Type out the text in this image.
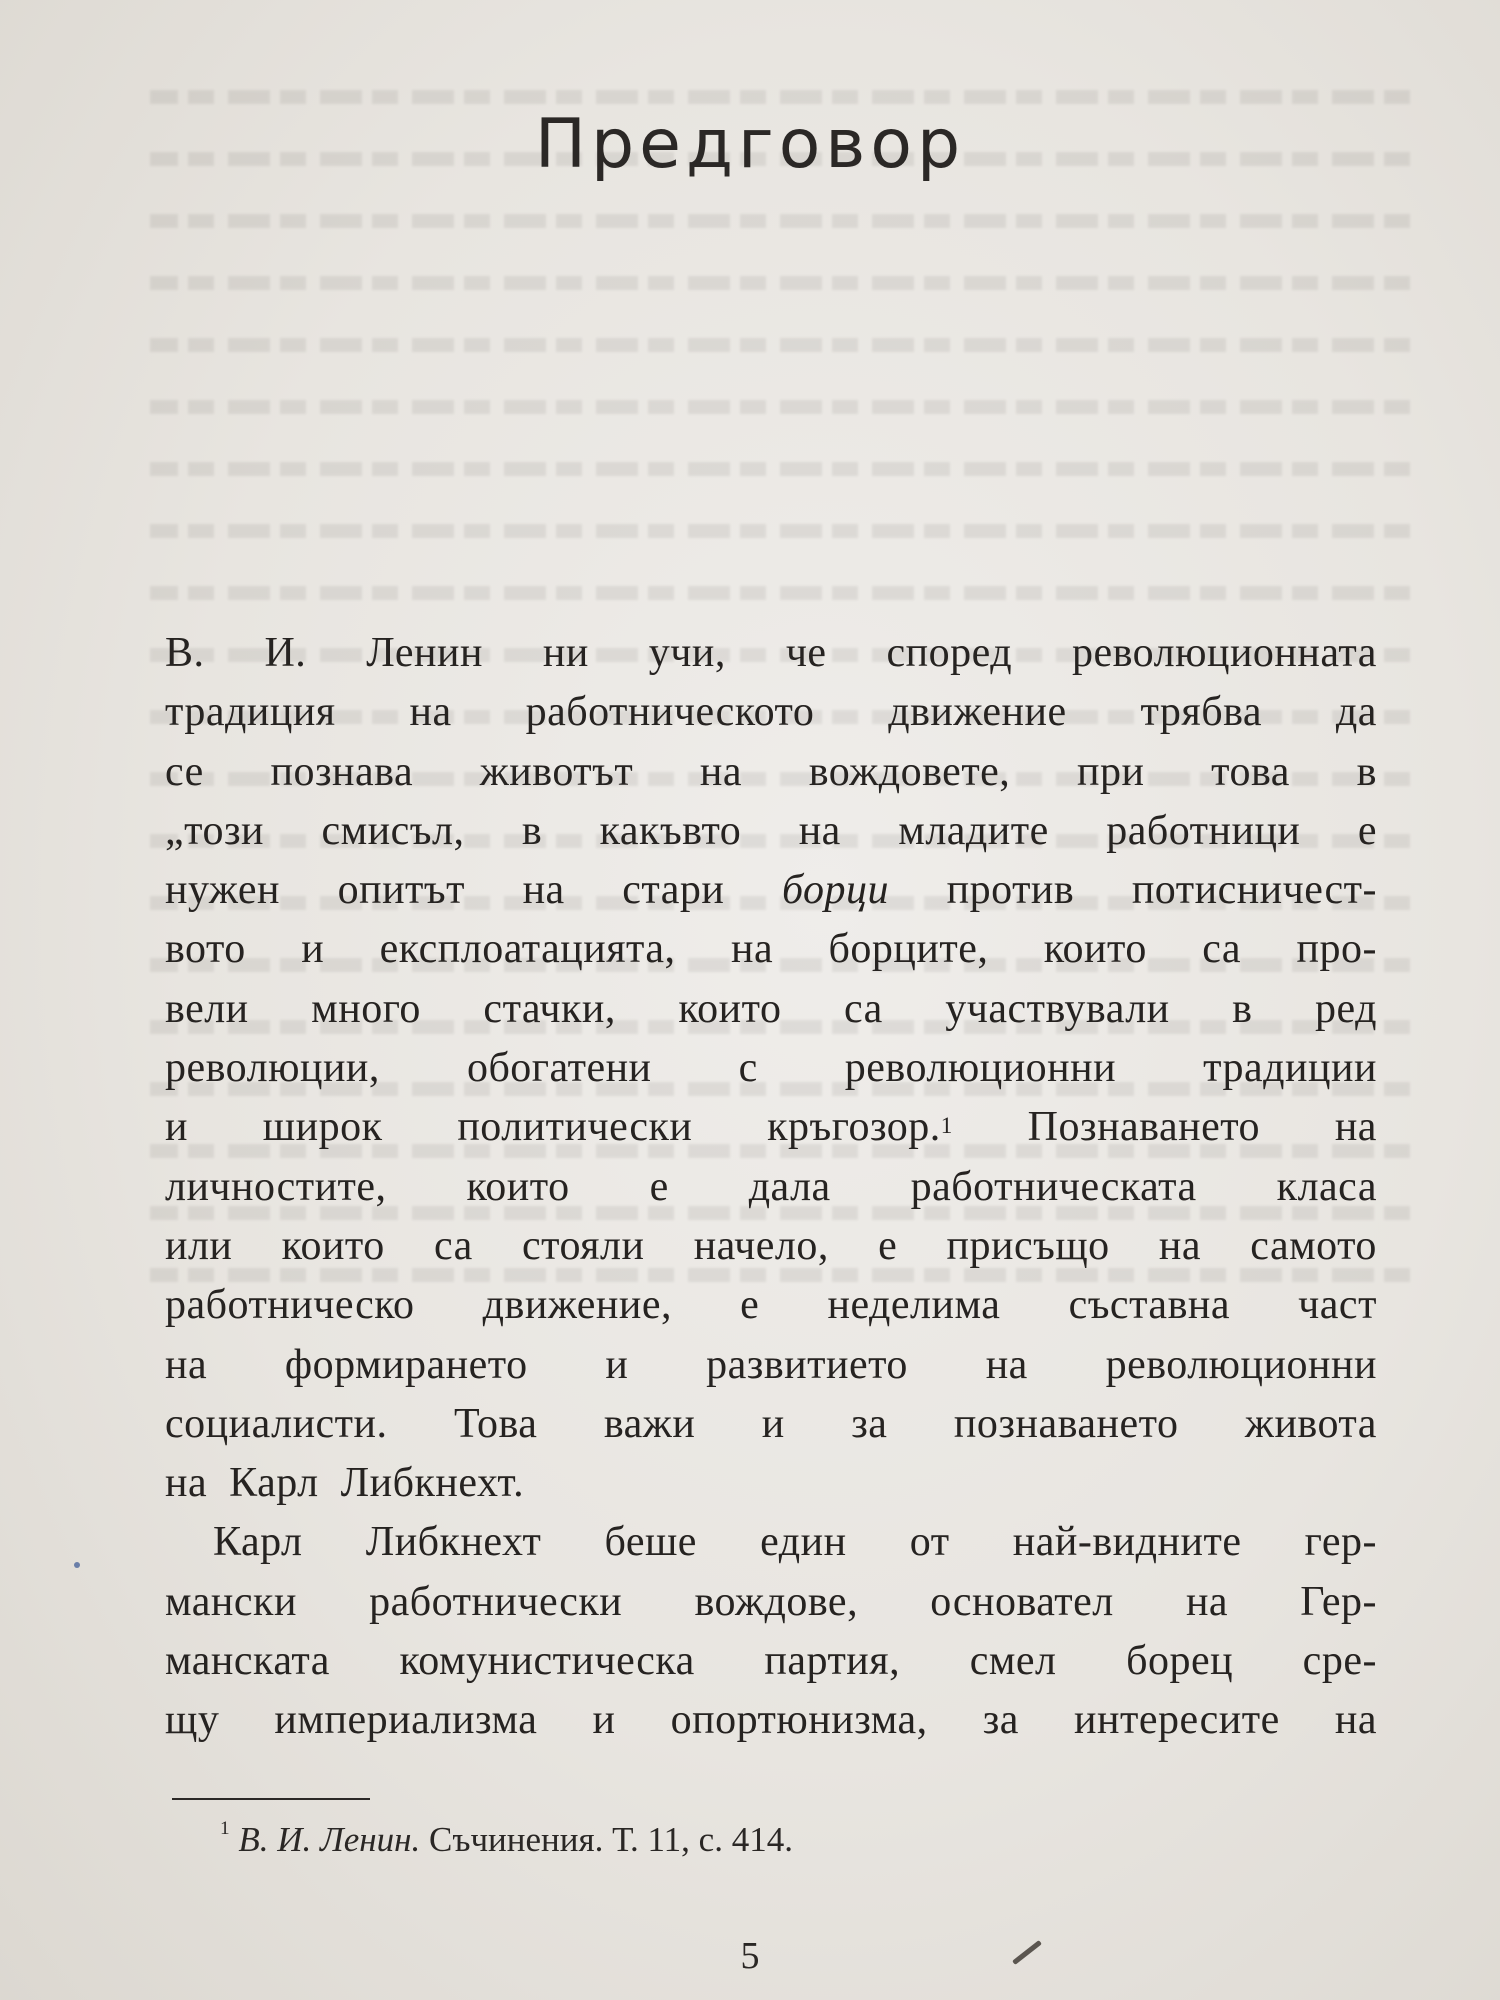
Предговор
В. И. Ленин ни учи, че според революционната
традиция на работническото движение трябва да
се познава животът на вождовете, при това в
„този смисъл, в какъвто на младите работници е
нужен опитът на стари борци против потисничест-
вото и експлоатацията, на борците, които са про-
вели много стачки, които са участвували в ред
революции, обогатени с революционни традиции
и широк политически кръгозор.$^1$ Познаването на
личностите, които е дала работническата класа
или които са стояли начело, е присъщо на самото
работническо движение, е неделима съставна част
на формирането и развитието на революционни
социалисти. Това важи и за познаването живота
на Карл Либкнехт.
Карл Либкнехт беше един от най-видните гер-
мански работнически вождове, основател на Гер-
манската комунистическа партия, смел борец сре-
щу империализма и опортюнизма, за интересите на
$^1$ В. И. Ленин. Съчинения. Т. 11, с. 414.
5
